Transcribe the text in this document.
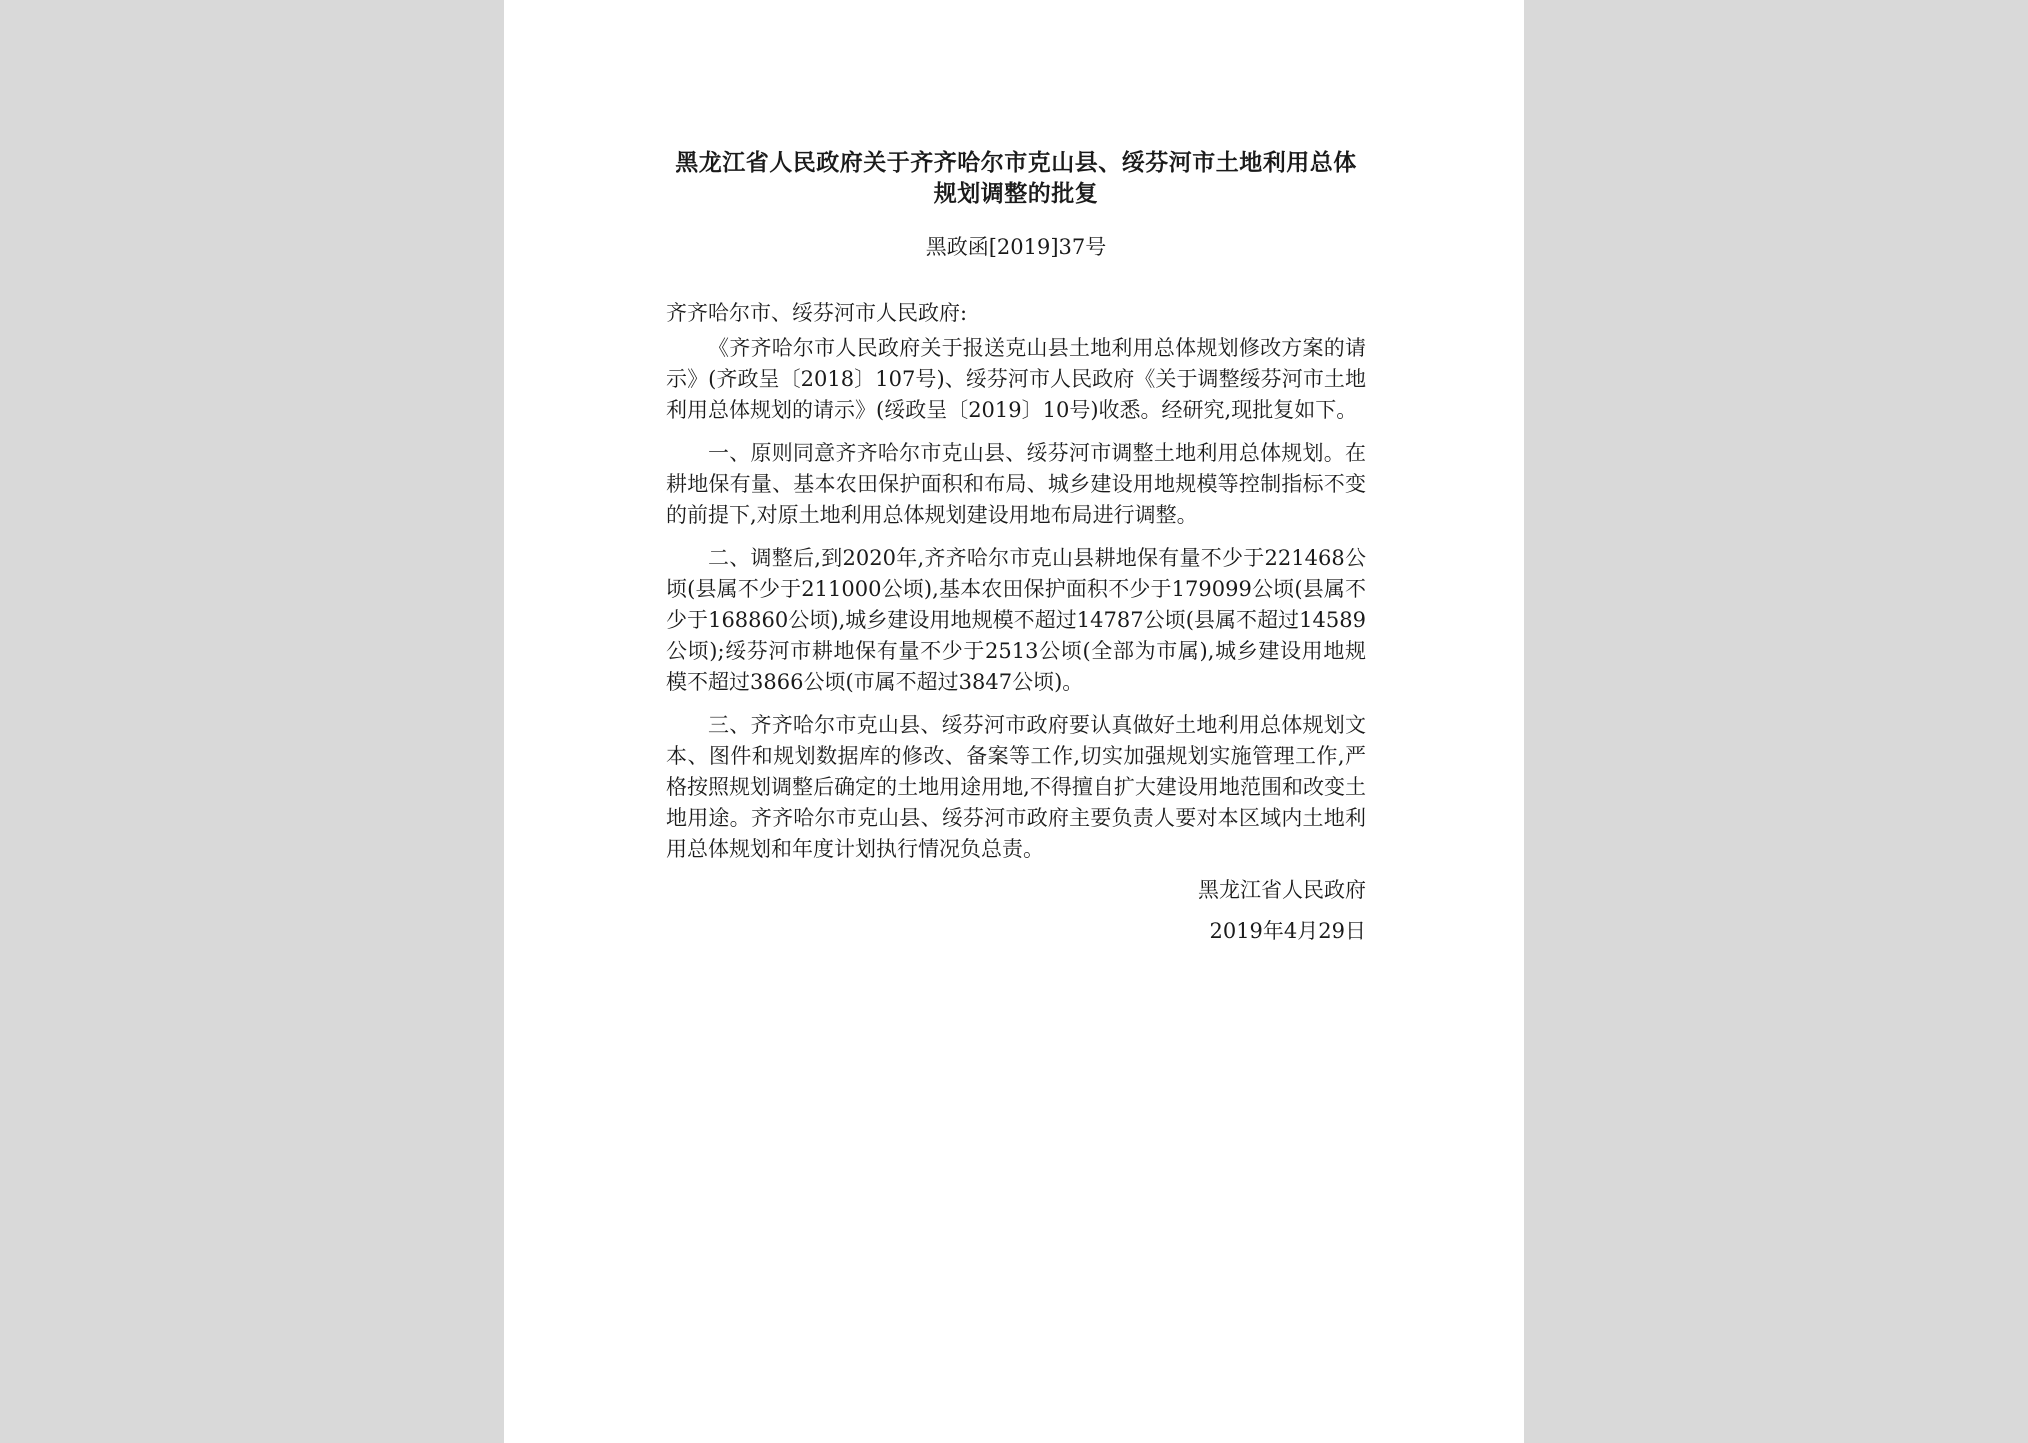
黑龙江省人民政府关于齐齐哈尔市克山县、绥芬河市土地利用总体规划调整的批复

黑政函[2019]37号

齐齐哈尔市、绥芬河市人民政府:

《齐齐哈尔市人民政府关于报送克山县土地利用总体规划修改方案的请示》(齐政呈〔2018〕107号)、绥芬河市人民政府《关于调整绥芬河市土地利用总体规划的请示》(绥政呈〔2019〕10号)收悉。经研究,现批复如下。

一、原则同意齐齐哈尔市克山县、绥芬河市调整土地利用总体规划。在耕地保有量、基本农田保护面积和布局、城乡建设用地规模等控制指标不变的前提下,对原土地利用总体规划建设用地布局进行调整。

二、调整后,到2020年,齐齐哈尔市克山县耕地保有量不少于221468公顷(县属不少于211000公顷),基本农田保护面积不少于179099公顷(县属不少于168860公顷),城乡建设用地规模不超过14787公顷(县属不超过14589公顷);绥芬河市耕地保有量不少于2513公顷(全部为市属),城乡建设用地规模不超过3866公顷(市属不超过3847公顷)。

三、齐齐哈尔市克山县、绥芬河市政府要认真做好土地利用总体规划文本、图件和规划数据库的修改、备案等工作,切实加强规划实施管理工作,严格按照规划调整后确定的土地用途用地,不得擅自扩大建设用地范围和改变土地用途。齐齐哈尔市克山县、绥芬河市政府主要负责人要对本区域内土地利用总体规划和年度计划执行情况负总责。

黑龙江省人民政府

2019年4月29日
